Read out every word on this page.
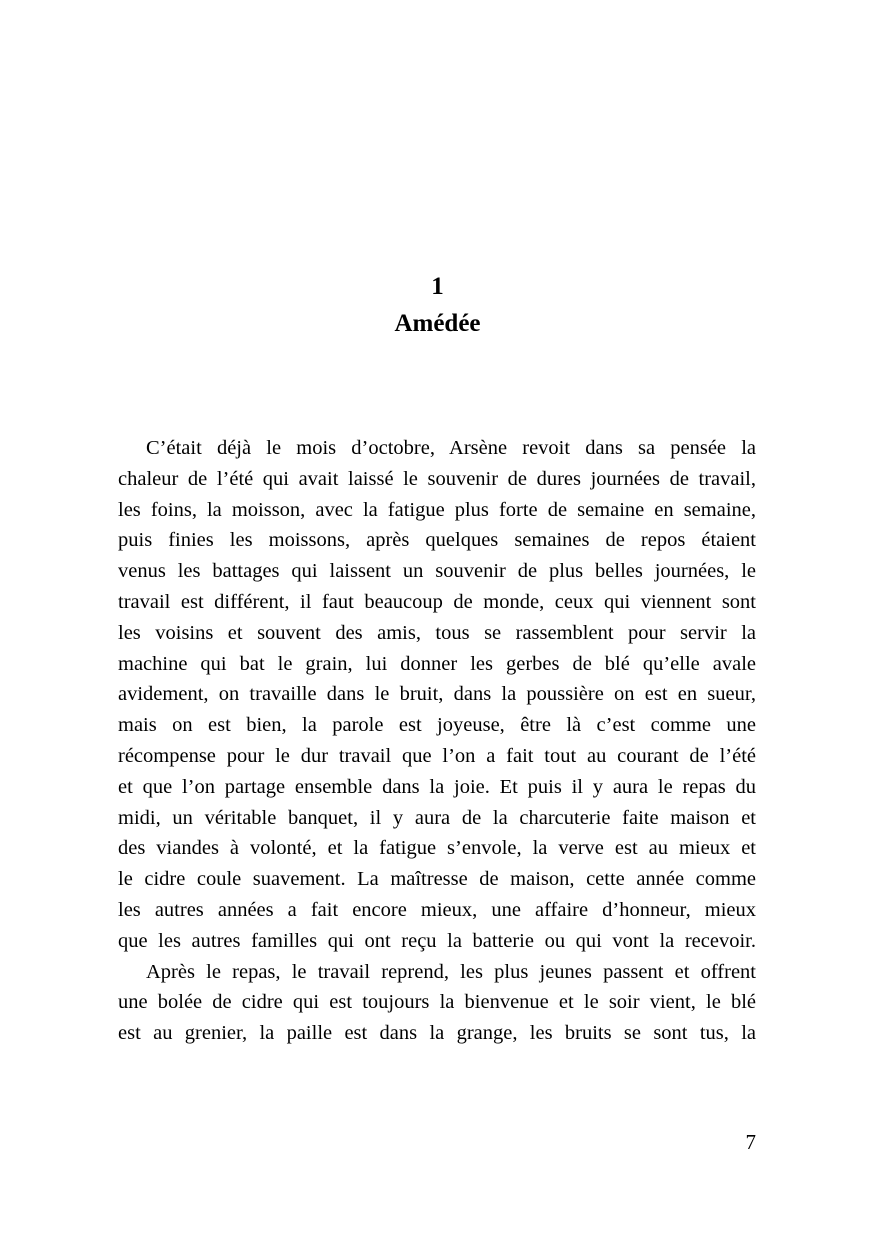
1
Amédée
C’était déjà le mois d’octobre, Arsène revoit dans sa pensée la
chaleur de l’été qui avait laissé le souvenir de dures journées de travail,
les foins, la moisson, avec la fatigue plus forte de semaine en semaine,
puis finies les moissons, après quelques semaines de repos étaient
venus les battages qui laissent un souvenir de plus belles journées, le
travail est différent, il faut beaucoup de monde, ceux qui viennent sont
les voisins et souvent des amis, tous se rassemblent pour servir la
machine qui bat le grain, lui donner les gerbes de blé qu’elle avale
avidement, on travaille dans le bruit, dans la poussière on est en sueur,
mais on est bien, la parole est joyeuse, être là c’est comme une
récompense pour le dur travail que l’on a fait tout au courant de l’été
et que l’on partage ensemble dans la joie. Et puis il y aura le repas du
midi, un véritable banquet, il y aura de la charcuterie faite maison et
des viandes à volonté, et la fatigue s’envole, la verve est au mieux et
le cidre coule suavement. La maîtresse de maison, cette année comme
les autres années a fait encore mieux, une affaire d’honneur, mieux
que les autres familles qui ont reçu la batterie ou qui vont la recevoir.
Après le repas, le travail reprend, les plus jeunes passent et offrent
une bolée de cidre qui est toujours la bienvenue et le soir vient, le blé
est au grenier, la paille est dans la grange, les bruits se sont tus, la
7
